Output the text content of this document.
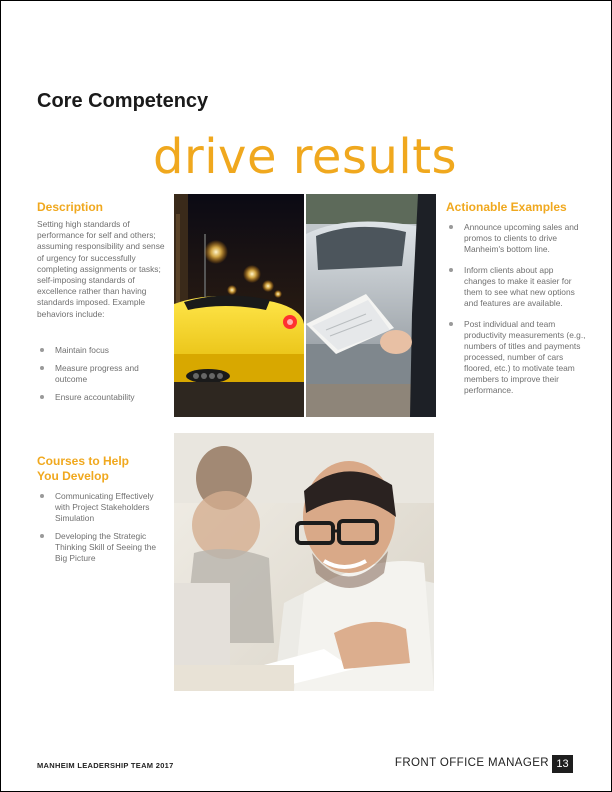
Core Competency
drive results
Description
Setting high standards of performance for self and others; assuming responsibility and sense of urgency for successfully completing assignments or tasks; self-imposing standards of excellence rather than having standards imposed. Example behaviors include:
Maintain focus
Measure progress and outcome
Ensure accountability
Courses to Help
You Develop
Communicating Effectively with Project Stakeholders Simulation
Developing the Strategic Thinking Skill of Seeing the Big Picture
Actionable Examples
Announce upcoming sales and promos to clients to drive Manheim's bottom line.
Inform clients about app changes to make it easier for them to see what new options and features are available.
Post individual and team productivity measurements (e.g., numbers of titles and payments processed, number of cars floored, etc.) to motivate team members to improve their performance.
MANHEIM LEADERSHIP TEAM 2017	FRONT OFFICE MANAGER 13
